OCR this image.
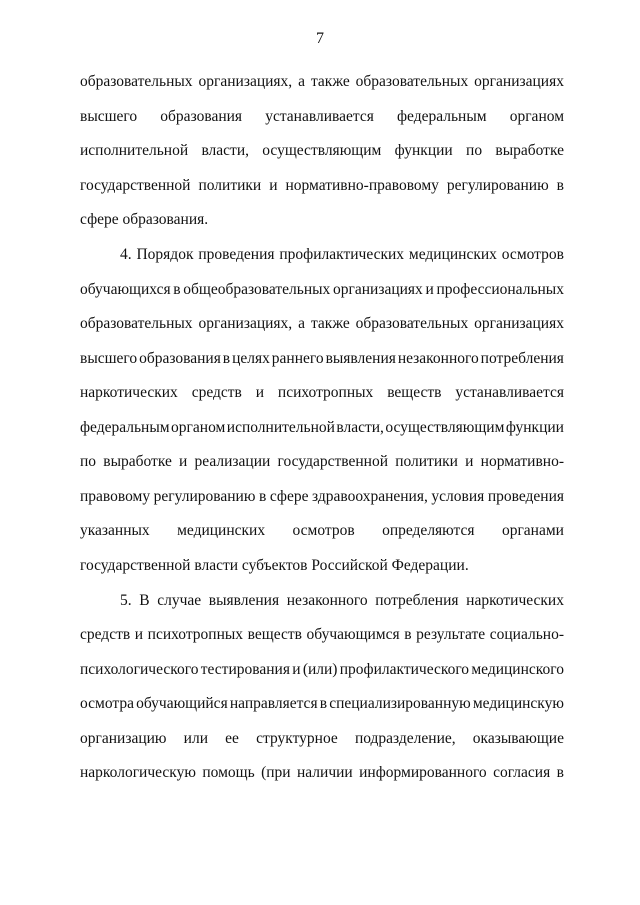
7
образовательных организациях, а также образовательных организациях
высшего образования устанавливается федеральным органом
исполнительной власти, осуществляющим функции по выработке
государственной политики и нормативно-правовому регулированию в
сфере образования.
4. Порядок проведения профилактических медицинских осмотров
обучающихся в общеобразовательных организациях и профессиональных
образовательных организациях, а также образовательных организациях
высшего образования в целях раннего выявления незаконного потребления
наркотических средств и психотропных веществ устанавливается
федеральным органом исполнительной власти, осуществляющим функции
по выработке и реализации государственной политики и нормативно-
правовому регулированию в сфере здравоохранения, условия проведения
указанных медицинских осмотров определяются органами
государственной власти субъектов Российской Федерации.
5. В случае выявления незаконного потребления наркотических
средств и психотропных веществ обучающимся в результате социально-
психологического тестирования и (или) профилактического медицинского
осмотра обучающийся направляется в специализированную медицинскую
организацию или ее структурное подразделение, оказывающие
наркологическую помощь (при наличии информированного согласия в
